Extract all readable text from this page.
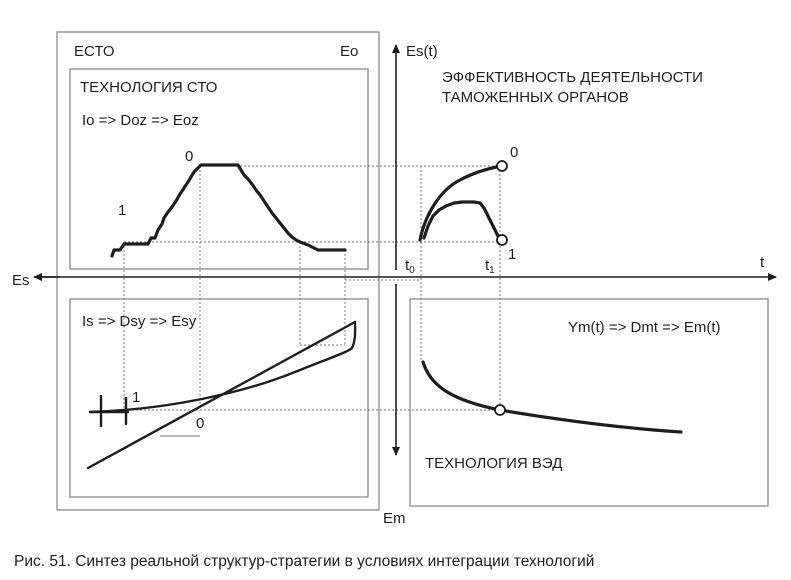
ЕСТО	Eo	Es(t)
ЭФФЕКТИВНОСТЬ ДЕЯТЕЛЬНОСТИ
ТАМОЖЕННЫХ ОРГАНОВ
ТЕХНОЛОГИЯ СТО
Io => Doz => Eoz
0
1
0
1
Es
t
$t_0$	$t_1$
Is => Dsy => Esy	Ym(t) => Dmt => Em(t)
1
0
ТЕХНОЛОГИЯ ВЭД
Em
Рис. 51. Синтез реальной структур-стратегии в условиях интеграции технологий
